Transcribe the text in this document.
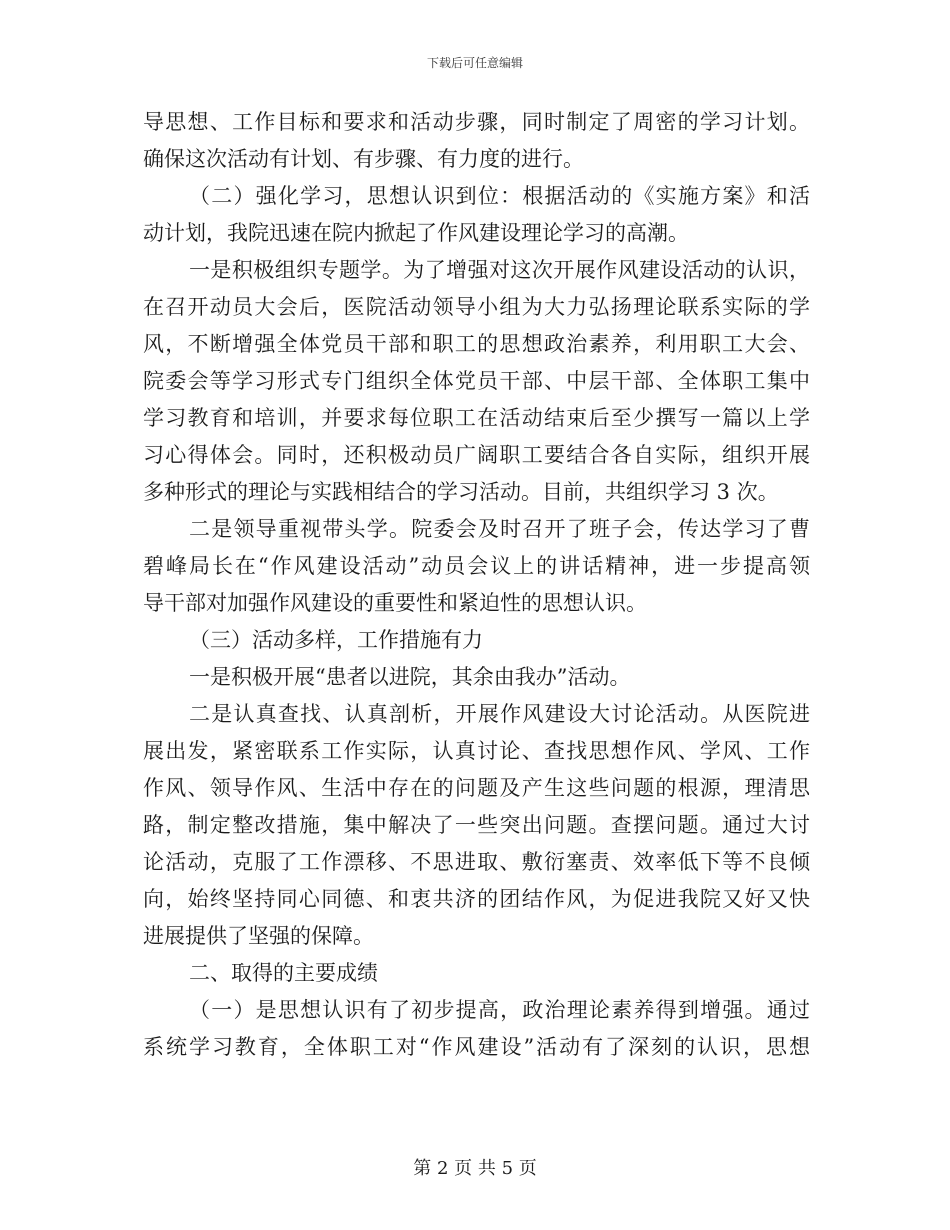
下载后可任意编辑
导思想、工作目标和要求和活动步骤，同时制定了周密的学习计划。
确保这次活动有计划、有步骤、有力度的进行。
（二）强化学习，思想认识到位：根据活动的《实施方案》和活
动计划，我院迅速在院内掀起了作风建设理论学习的高潮。
一是积极组织专题学。为了增强对这次开展作风建设活动的认识，
在召开动员大会后，医院活动领导小组为大力弘扬理论联系实际的学
风，不断增强全体党员干部和职工的思想政治素养，利用职工大会、
院委会等学习形式专门组织全体党员干部、中层干部、全体职工集中
学习教育和培训，并要求每位职工在活动结束后至少撰写一篇以上学
习心得体会。同时，还积极动员广阔职工要结合各自实际，组织开展
多种形式的理论与实践相结合的学习活动。目前，共组织学习 3 次。
二是领导重视带头学。院委会及时召开了班子会，传达学习了曹
碧峰局长在“作风建设活动”动员会议上的讲话精神，进一步提高领
导干部对加强作风建设的重要性和紧迫性的思想认识。
（三）活动多样，工作措施有力
一是积极开展“患者以进院，其余由我办”活动。
二是认真查找、认真剖析，开展作风建设大讨论活动。从医院进
展出发，紧密联系工作实际，认真讨论、查找思想作风、学风、工作
作风、领导作风、生活中存在的问题及产生这些问题的根源，理清思
路，制定整改措施，集中解决了一些突出问题。查摆问题。通过大讨
论活动，克服了工作漂移、不思进取、敷衍塞责、效率低下等不良倾
向，始终坚持同心同德、和衷共济的团结作风，为促进我院又好又快
进展提供了坚强的保障。
二、取得的主要成绩
（一）是思想认识有了初步提高，政治理论素养得到增强。通过
系统学习教育，全体职工对“作风建设”活动有了深刻的认识，思想
第 2 页 共 5 页
